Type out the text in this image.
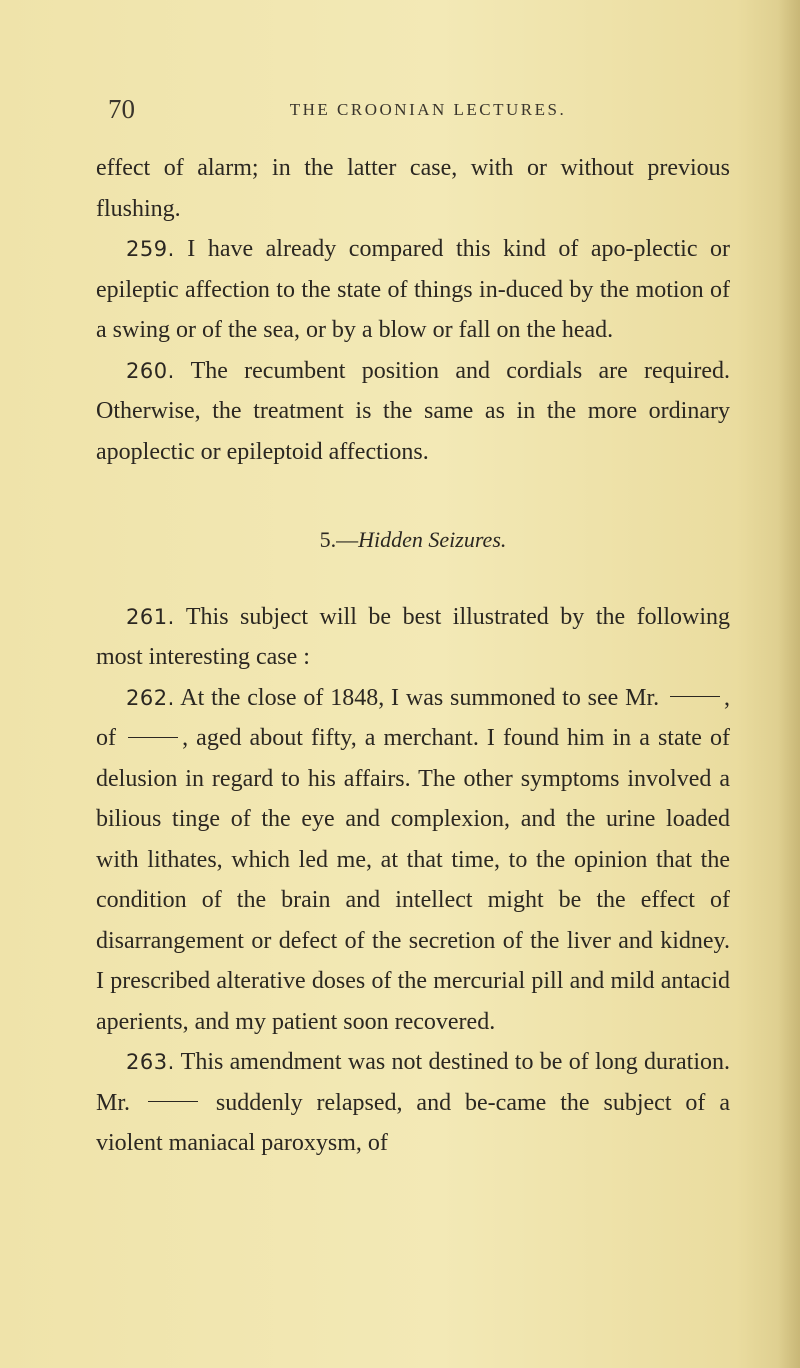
70	THE CROONIAN LECTURES.

effect of alarm; in the latter case, with or without previous flushing.

259. I have already compared this kind of apo-plectic or epileptic affection to the state of things in-duced by the motion of a swing or of the sea, or by a blow or fall on the head.

260. The recumbent position and cordials are required. Otherwise, the treatment is the same as in the more ordinary apoplectic or epileptoid affections.

5.—Hidden Seizures.

261. This subject will be best illustrated by the following most interesting case :

262. At the close of 1848, I was summoned to see Mr.	, of	, aged about fifty, a merchant. I found him in a state of delusion in regard to his affairs. The other symptoms involved a bilious tinge of the eye and complexion, and the urine loaded with lithates, which led me, at that time, to the opinion that the condition of the brain and intellect might be the effect of disarrangement or defect of the secretion of the liver and kidney. I prescribed alterative doses of the mercurial pill and mild antacid aperients, and my patient soon recovered.

263. This amendment was not destined to be of long duration. Mr.	suddenly relapsed, and be-came the subject of a violent maniacal paroxysm, of
